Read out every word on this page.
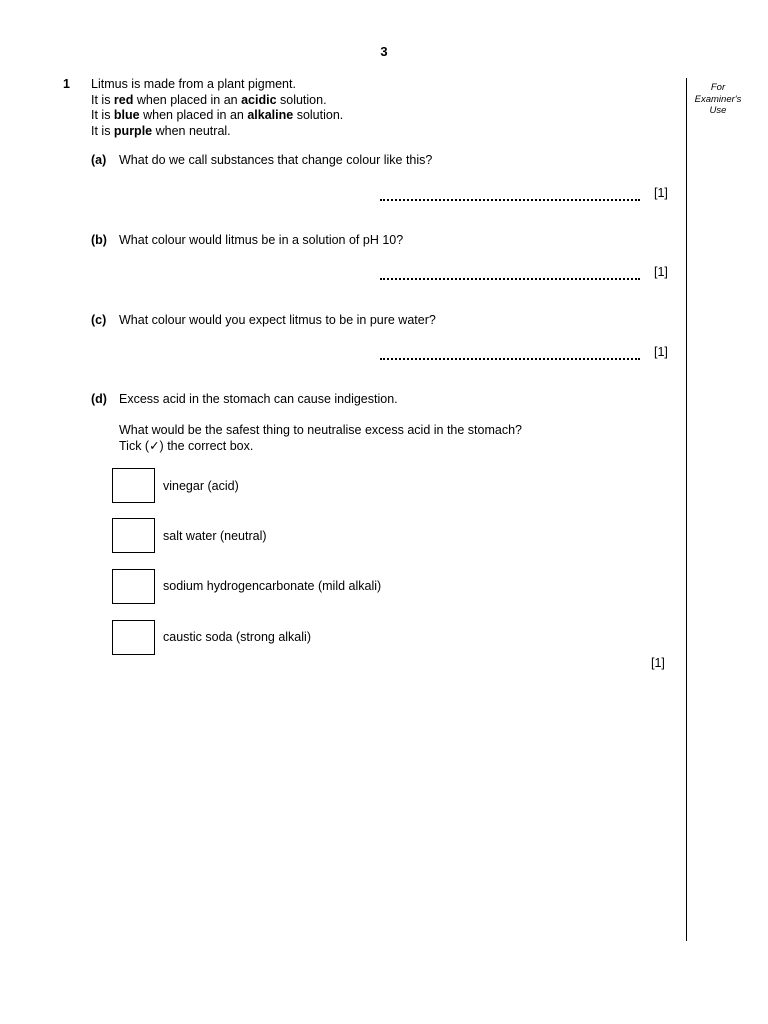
3
For Examiner's Use
1 Litmus is made from a plant pigment.
It is red when placed in an acidic solution.
It is blue when placed in an alkaline solution.
It is purple when neutral.
(a) What do we call substances that change colour like this?
[1]
(b) What colour would litmus be in a solution of pH 10?
[1]
(c) What colour would you expect litmus to be in pure water?
[1]
(d) Excess acid in the stomach can cause indigestion.
What would be the safest thing to neutralise excess acid in the stomach?
Tick (✓) the correct box.
vinegar (acid)
salt water (neutral)
sodium hydrogencarbonate (mild alkali)
caustic soda (strong alkali)
[1]
